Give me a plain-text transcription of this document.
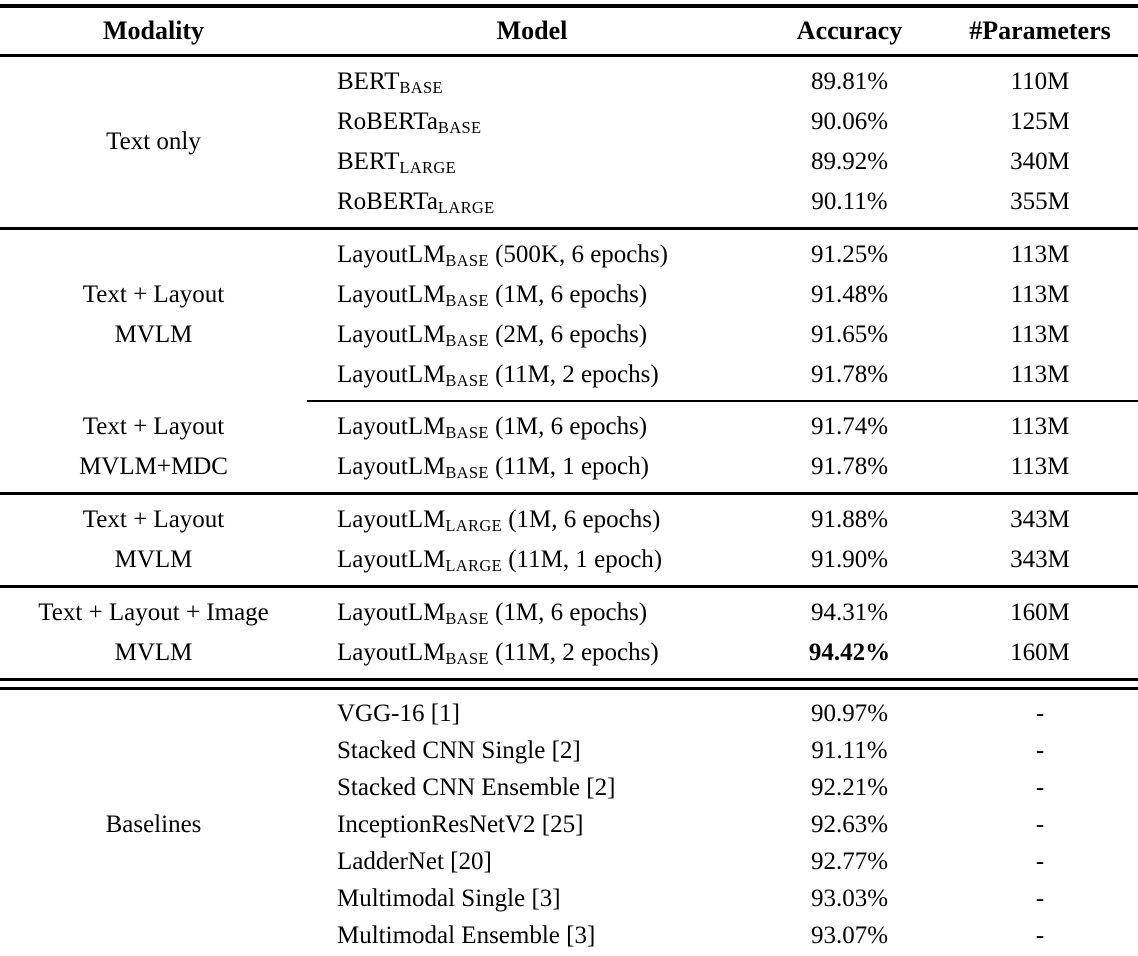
Modality	Model	Accuracy	#Parameters
Text only
BERTBASE	89.81%	110M
RoBERTaBASE	90.06%	125M
BERTLARGE	89.92%	340M
RoBERTaLARGE	90.11%	355M
Text + Layout
MVLM
LayoutLMBASE (500K, 6 epochs)	91.25%	113M
LayoutLMBASE (1M, 6 epochs)	91.48%	113M
LayoutLMBASE (2M, 6 epochs)	91.65%	113M
LayoutLMBASE (11M, 2 epochs)	91.78%	113M
Text + Layout
MVLM+MDC
LayoutLMBASE (1M, 6 epochs)	91.74%	113M
LayoutLMBASE (11M, 1 epoch)	91.78%	113M
Text + Layout
MVLM
LayoutLMLARGE (1M, 6 epochs)	91.88%	343M
LayoutLMLARGE (11M, 1 epoch)	91.90%	343M
Text + Layout + Image
MVLM
LayoutLMBASE (1M, 6 epochs)	94.31%	160M
LayoutLMBASE (11M, 2 epochs)	94.42%	160M
Baselines
VGG-16 [1]	90.97%	-
Stacked CNN Single [2]	91.11%	-
Stacked CNN Ensemble [2]	92.21%	-
InceptionResNetV2 [25]	92.63%	-
LadderNet [20]	92.77%	-
Multimodal Single [3]	93.03%	-
Multimodal Ensemble [3]	93.07%	-
